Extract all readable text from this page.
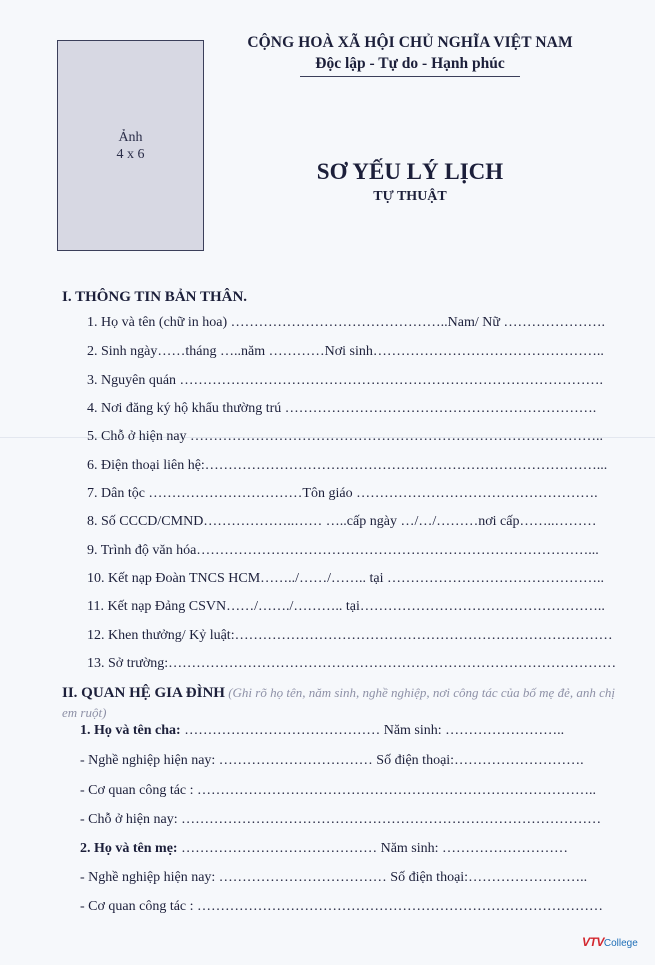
Ảnh
4 x 6
CỘNG HOÀ XÃ HỘI CHỦ NGHĨA VIỆT NAM
Độc lập - Tự do - Hạnh phúc
SƠ YẾU LÝ LỊCH
TỰ THUẬT
I. THÔNG TIN BẢN THÂN.
1. Họ và tên (chữ in hoa) ………………………………………..Nam/ Nữ ………………….
2. Sinh ngày……tháng …..năm …………Nơi sinh…………………………………………..
3. Nguyên quán ……………………………………………………………………………….
4. Nơi đăng ký hộ khẩu thường trú ………………………………………………………….
5. Chỗ ở hiện nay ……………………………………………………………………………..
6. Điện thoại liên hệ:…………………………………………………………………………...
7. Dân tộc ……………………………Tôn giáo …………………………………………….
8. Số CCCD/CMND………………..…… …..cấp ngày …/…/………nơi cấp……..………
9. Trình độ văn hóa…………………………………………………………………………...
10. Kết nạp Đoàn TNCS HCM……../……/…….. tại ………………………………………..
11. Kết nạp Đảng CSVN……/……./……….. tại……………………………………………..
12. Khen thưởng/ Kỷ luật:………………………………………………………………………
13. Sở trường:……………………………………………………………………………………
II. QUAN HỆ GIA ĐÌNH (Ghi rõ họ tên, năm sinh, nghề nghiệp, nơi công tác của bố mẹ đẻ, anh chị em ruột)
1. Họ và tên cha: …………………………………… Năm sinh: ……………………..
- Nghề nghiệp hiện nay: …………………………… Số điện thoại:……………………….
- Cơ quan công tác : …………………………………………………………………………..
- Chỗ ở hiện nay: ………………………………………………………………………………
2. Họ và tên mẹ: …………………………………… Năm sinh: ………………………
- Nghề nghiệp hiện nay: ……………………………… Số điện thoại:……………………..
- Cơ quan công tác : ……………………………………………………………………………
VTVCollege
